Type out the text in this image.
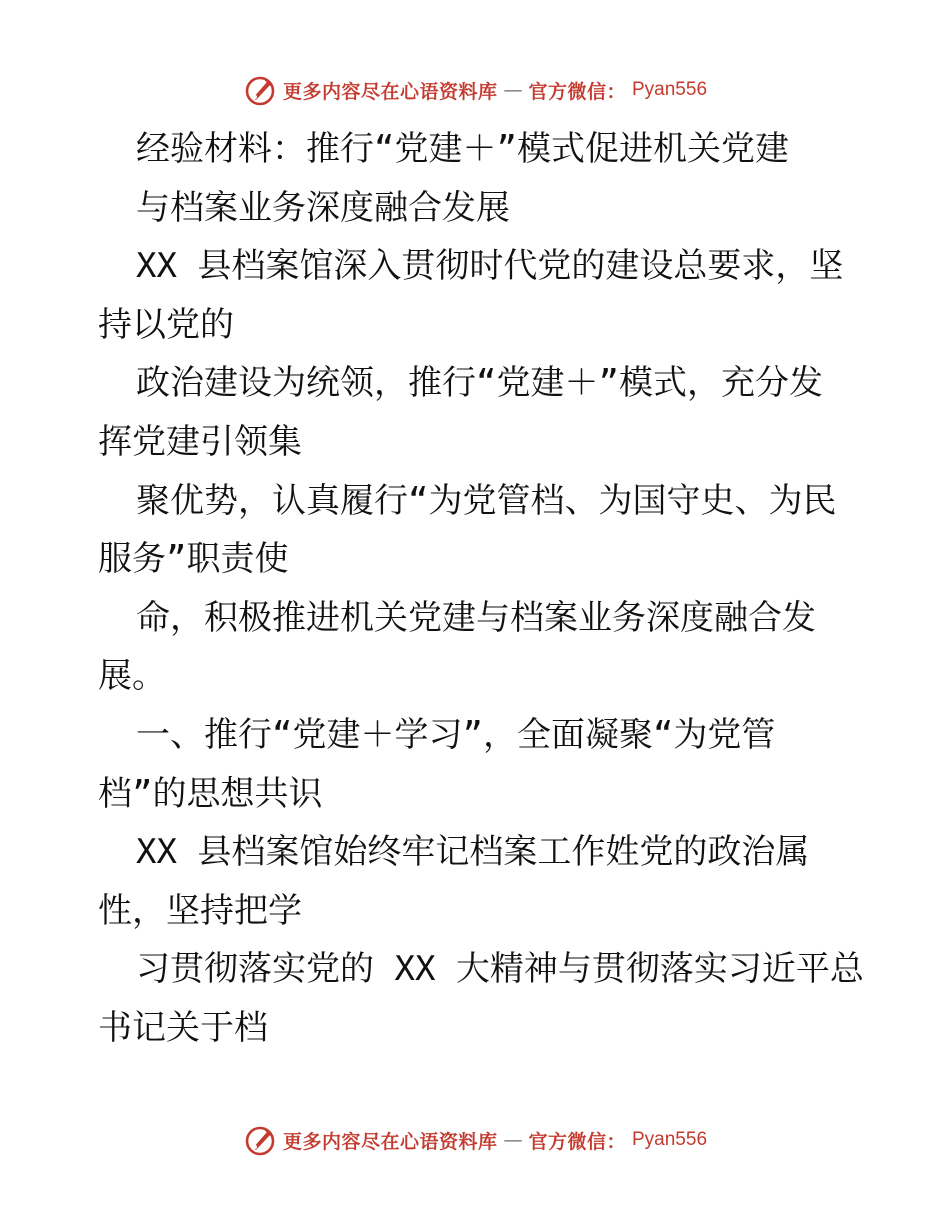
更多内容尽在心语资料库 — 官方微信： Pyan556
经验材料：推行“党建＋”模式促进机关党建
与档案业务深度融合发展
XX 县档案馆深入贯彻时代党的建设总要求，坚
持以党的
政治建设为统领，推行“党建＋”模式，充分发
挥党建引领集
聚优势，认真履行“为党管档、为国守史、为民
服务”职责使
命，积极推进机关党建与档案业务深度融合发
展。
一、推行“党建＋学习”，全面凝聚“为党管
档”的思想共识
XX 县档案馆始终牢记档案工作姓党的政治属
性，坚持把学
习贯彻落实党的 XX 大精神与贯彻落实习近平总
书记关于档
更多内容尽在心语资料库 — 官方微信： Pyan556
